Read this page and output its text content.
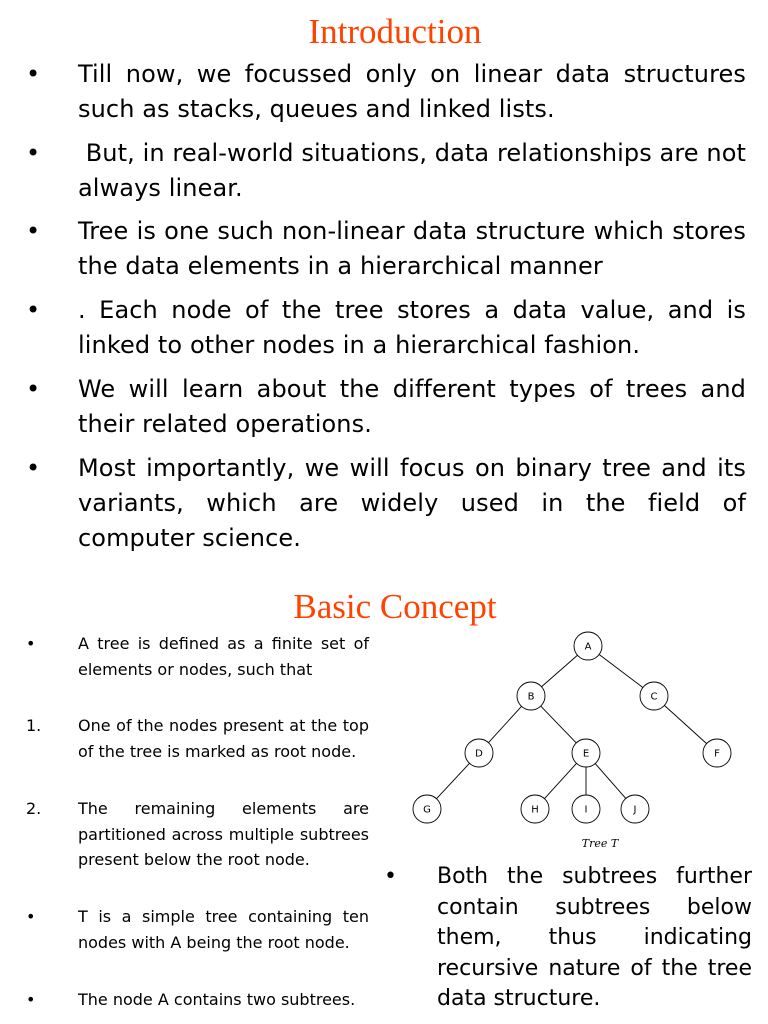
Introduction
• Till now, we focussed only on linear data structures such as stacks, queues and linked lists.
• But, in real-world situations, data relationships are not always linear.
• Tree is one such non-linear data structure which stores the data elements in a hierarchical manner
• . Each node of the tree stores a data value, and is linked to other nodes in a hierarchical fashion.
• We will learn about the different types of trees and their related operations.
• Most importantly, we will focus on binary tree and its variants, which are widely used in the field of computer science.
Basic Concept
•	A tree is defined as a finite set of elements or nodes, such that
1. One of the nodes present at the top of the tree is marked as root node.
2. The remaining elements are partitioned across multiple subtrees present below the root node.
•	T is a simple tree containing ten nodes with A being the root node.
•	The node A contains two subtrees.
A
B	C
D	E	F
G	H	I	J
Tree T
• Both the subtrees further contain subtrees below them, thus indicating recursive nature of the tree data structure.
